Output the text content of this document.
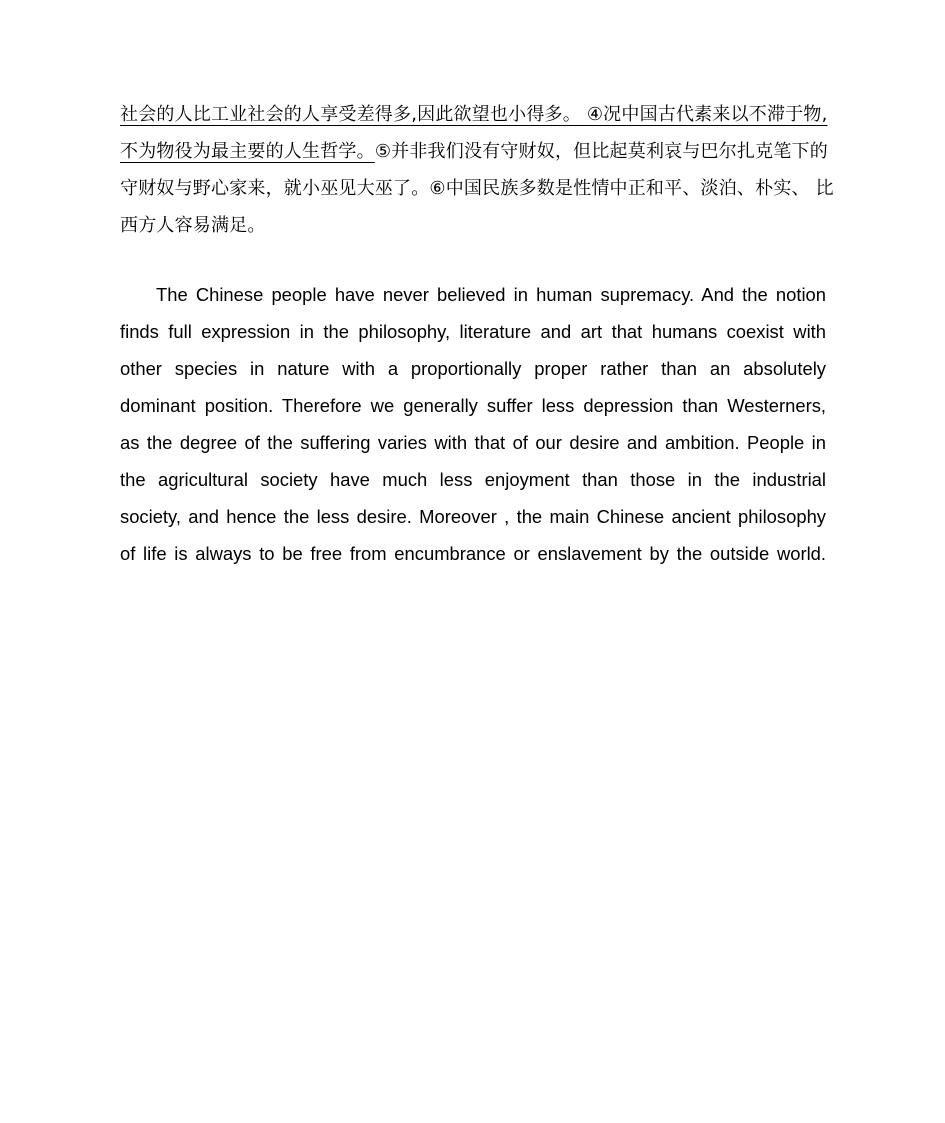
社会的人比工业社会的人享受差得多,因此欲望也小得多。 ④况中国古代素来以不滞于物,
不为物役为最主要的人生哲学。⑤并非我们没有守财奴，但比起莫利哀与巴尔扎克笔下的
守财奴与野心家来，就小巫见大巫了。⑥中国民族多数是性情中正和平、淡泊、朴实、 比
西方人容易满足。
The Chinese people have never believed in human supremacy. And the notion
finds full expression in the philosophy, literature and art that humans coexist with
other species in nature with a proportionally proper rather than an absolutely
dominant position. Therefore we generally suffer less depression than Westerners,
as the degree of the suffering varies with that of our desire and ambition. People in
the agricultural society have much less enjoyment than those in the industrial
society, and hence the less desire. Moreover , the main Chinese ancient philosophy
of life is always to be free from encumbrance or enslavement by the outside world.
